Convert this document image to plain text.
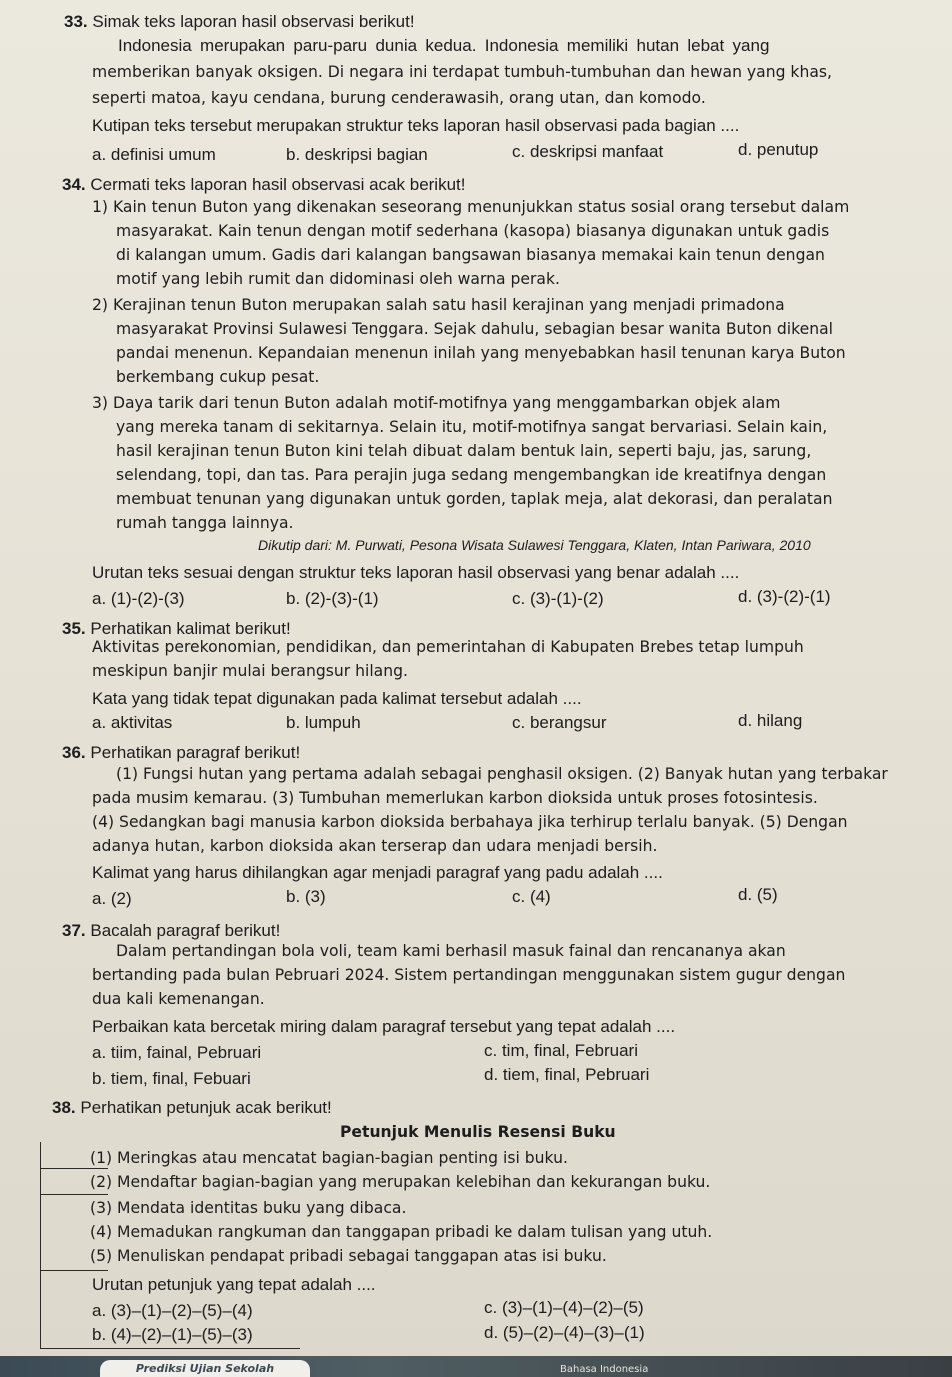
33. Simak teks laporan hasil observasi berikut!
Indonesia merupakan paru-paru dunia kedua. Indonesia memiliki hutan lebat yang
memberikan banyak oksigen. Di negara ini terdapat tumbuh-tumbuhan dan hewan yang khas,
seperti matoa, kayu cendana, burung cenderawasih, orang utan, dan komodo.
Kutipan teks tersebut merupakan struktur teks laporan hasil observasi pada bagian ....
a. definisi umum	b. deskripsi bagian	c. deskripsi manfaat	d. penutup
34. Cermati teks laporan hasil observasi acak berikut!
1) Kain tenun Buton yang dikenakan seseorang menunjukkan status sosial orang tersebut dalam
masyarakat. Kain tenun dengan motif sederhana (kasopa) biasanya digunakan untuk gadis
di kalangan umum. Gadis dari kalangan bangsawan biasanya memakai kain tenun dengan
motif yang lebih rumit dan didominasi oleh warna perak.
2) Kerajinan tenun Buton merupakan salah satu hasil kerajinan yang menjadi primadona
masyarakat Provinsi Sulawesi Tenggara. Sejak dahulu, sebagian besar wanita Buton dikenal
pandai menenun. Kepandaian menenun inilah yang menyebabkan hasil tenunan karya Buton
berkembang cukup pesat.
3) Daya tarik dari tenun Buton adalah motif-motifnya yang menggambarkan objek alam
yang mereka tanam di sekitarnya. Selain itu, motif-motifnya sangat bervariasi. Selain kain,
hasil kerajinan tenun Buton kini telah dibuat dalam bentuk lain, seperti baju, jas, sarung,
selendang, topi, dan tas. Para perajin juga sedang mengembangkan ide kreatifnya dengan
membuat tenunan yang digunakan untuk gorden, taplak meja, alat dekorasi, dan peralatan
rumah tangga lainnya.
Dikutip dari: M. Purwati, Pesona Wisata Sulawesi Tenggara, Klaten, Intan Pariwara, 2010
Urutan teks sesuai dengan struktur teks laporan hasil observasi yang benar adalah ....
a. (1)-(2)-(3)	b. (2)-(3)-(1)	c. (3)-(1)-(2)	d. (3)-(2)-(1)
35. Perhatikan kalimat berikut!
Aktivitas perekonomian, pendidikan, dan pemerintahan di Kabupaten Brebes tetap lumpuh
meskipun banjir mulai berangsur hilang.
Kata yang tidak tepat digunakan pada kalimat tersebut adalah ....
a. aktivitas	b. lumpuh	c. berangsur	d. hilang
36. Perhatikan paragraf berikut!
(1) Fungsi hutan yang pertama adalah sebagai penghasil oksigen. (2) Banyak hutan yang terbakar
pada musim kemarau. (3) Tumbuhan memerlukan karbon dioksida untuk proses fotosintesis.
(4) Sedangkan bagi manusia karbon dioksida berbahaya jika terhirup terlalu banyak. (5) Dengan
adanya hutan, karbon dioksida akan terserap dan udara menjadi bersih.
Kalimat yang harus dihilangkan agar menjadi paragraf yang padu adalah ....
a. (2)	b. (3)	c. (4)	d. (5)
37. Bacalah paragraf berikut!
Dalam pertandingan bola voli, team kami berhasil masuk fainal dan rencananya akan
bertanding pada bulan Pebruari 2024. Sistem pertandingan menggunakan sistem gugur dengan
dua kali kemenangan.
Perbaikan kata bercetak miring dalam paragraf tersebut yang tepat adalah ....
a. tiim, fainal, Pebruari	c. tim, final, Februari
b. tiem, final, Febuari	d. tiem, final, Pebruari
38. Perhatikan petunjuk acak berikut!
Petunjuk Menulis Resensi Buku
(1) Meringkas atau mencatat bagian-bagian penting isi buku.
(2) Mendaftar bagian-bagian yang merupakan kelebihan dan kekurangan buku.
(3) Mendata identitas buku yang dibaca.
(4) Memadukan rangkuman dan tanggapan pribadi ke dalam tulisan yang utuh.
(5) Menuliskan pendapat pribadi sebagai tanggapan atas isi buku.
Urutan petunjuk yang tepat adalah ....
a. (3)–(1)–(2)–(5)–(4)	c. (3)–(1)–(4)–(2)–(5)
b. (4)–(2)–(1)–(5)–(3)	d. (5)–(2)–(4)–(3)–(1)
Prediksi Ujian Sekolah	Bahasa Indonesia
